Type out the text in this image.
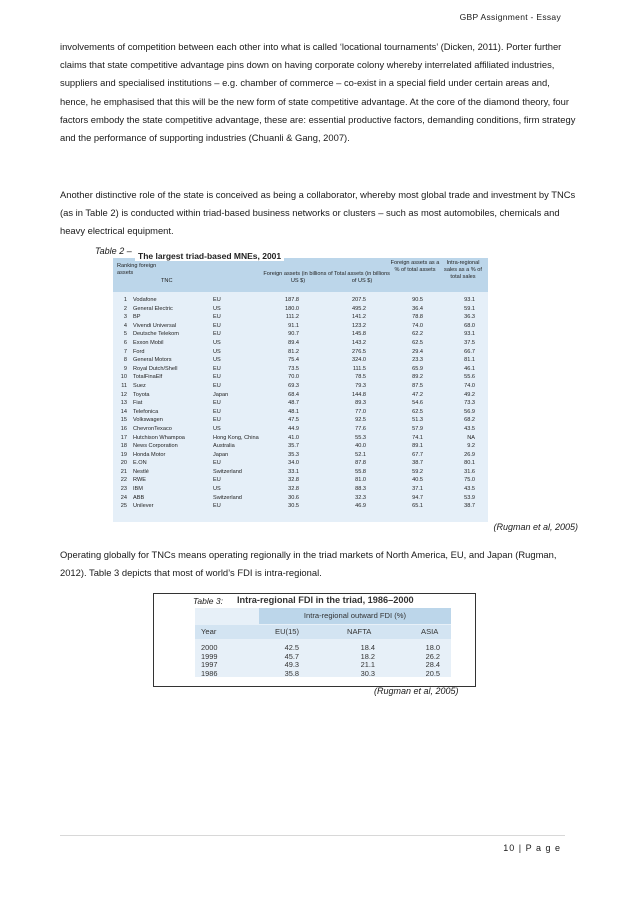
GBP Assignment - Essay

involvements of competition between each other into what is called ‘locational tournaments’ (Dicken, 2011). Porter further claims that state competitive advantage pins down on having corporate colony whereby interrelated affiliated industries, suppliers and specialised institutions – e.g. chamber of commerce – co-exist in a special field under certain areas and, hence, he emphasised that this will be the new form of state competitive advantage. At the core of the diamond theory, four factors embody the state competitive advantage, these are: essential productive factors, demanding conditions, firm strategy and the performance of supporting industries (Chuanli & Gang, 2007).

Another distinctive role of the state is conceived as being a collaborator, whereby most global trade and investment by TNCs (as in Table 2) is conducted within triad-based business networks or clusters – such as most automobiles, chemicals and heavy electrical equipment.

Table 2 –
Ranking foreign assets
TNC
Foreign assets (in billions of US $)
Total assets (in billions of US $)
Foreign assets as a % of total assets
Intra-regional sales as a % of total sales
1 Vodafone	EU	187.8	207.5	90.5	93.1
2 General Electric	US	180.0	495.2	36.4	59.1
3 BP	EU	111.2	141.2	78.8	36.3
4 Vivendi Universal	EU	91.1	123.2	74.0	68.0
5 Deutsche Telekom	EU	90.7	145.8	62.2	93.1
6 Exxon Mobil	US	89.4	143.2	62.5	37.5
7 Ford	US	81.2	276.5	29.4	66.7
8 General Motors	US	75.4	324.0	23.3	81.1
9 Royal Dutch/Shell	EU	73.5	111.5	65.9	46.1
10 TotalFinaElf	EU	70.0	78.5	89.2	55.6
11 Suez	EU	69.3	79.3	87.5	74.0
12 Toyota	Japan	68.4	144.8	47.2	49.2
13 Fiat	EU	48.7	89.3	54.6	73.3
14 Telefonica	EU	48.1	77.0	62.5	56.9
15 Volkswagen	EU	47.5	92.5	51.3	68.2
16 ChevronTexaco	US	44.9	77.6	57.9	43.5
17 Hutchison Whampoa	Hong Kong, China	41.0	55.3	74.1	NA
18 News Corporation	Australia	35.7	40.0	89.1	9.2
19 Honda Motor	Japan	35.3	52.1	67.7	26.9
20 E.ON	EU	34.0	87.8	38.7	80.1
21 Nestlé	Switzerland	33.1	55.8	59.2	31.6
22 RWE	EU	32.8	81.0	40.5	75.0
23 IBM	US	32.8	88.3	37.1	43.5
24 ABB	Switzerland	30.6	32.3	94.7	53.9
25 Unilever	EU	30.5	46.9	65.1	38.7
The largest triad-based MNEs, 2001
(Rugman et al, 2005)

Operating globally for TNCs means operating regionally in the triad markets of North America, EU, and Japan (Rugman, 2012). Table 3 depicts that most of world’s FDI is intra-regional.

Table 3: Intra-regional FDI in the triad, 1986–2000
Intra-regional outward FDI (%)
Year	EU(15)	NAFTA	ASIA
2000	42.5	18.4	18.0
1999	45.7	18.2	26.2
1997	49.3	21.1	28.4
1986	35.8	30.3	20.5
(Rugman et al, 2005)
10 | P a g e
